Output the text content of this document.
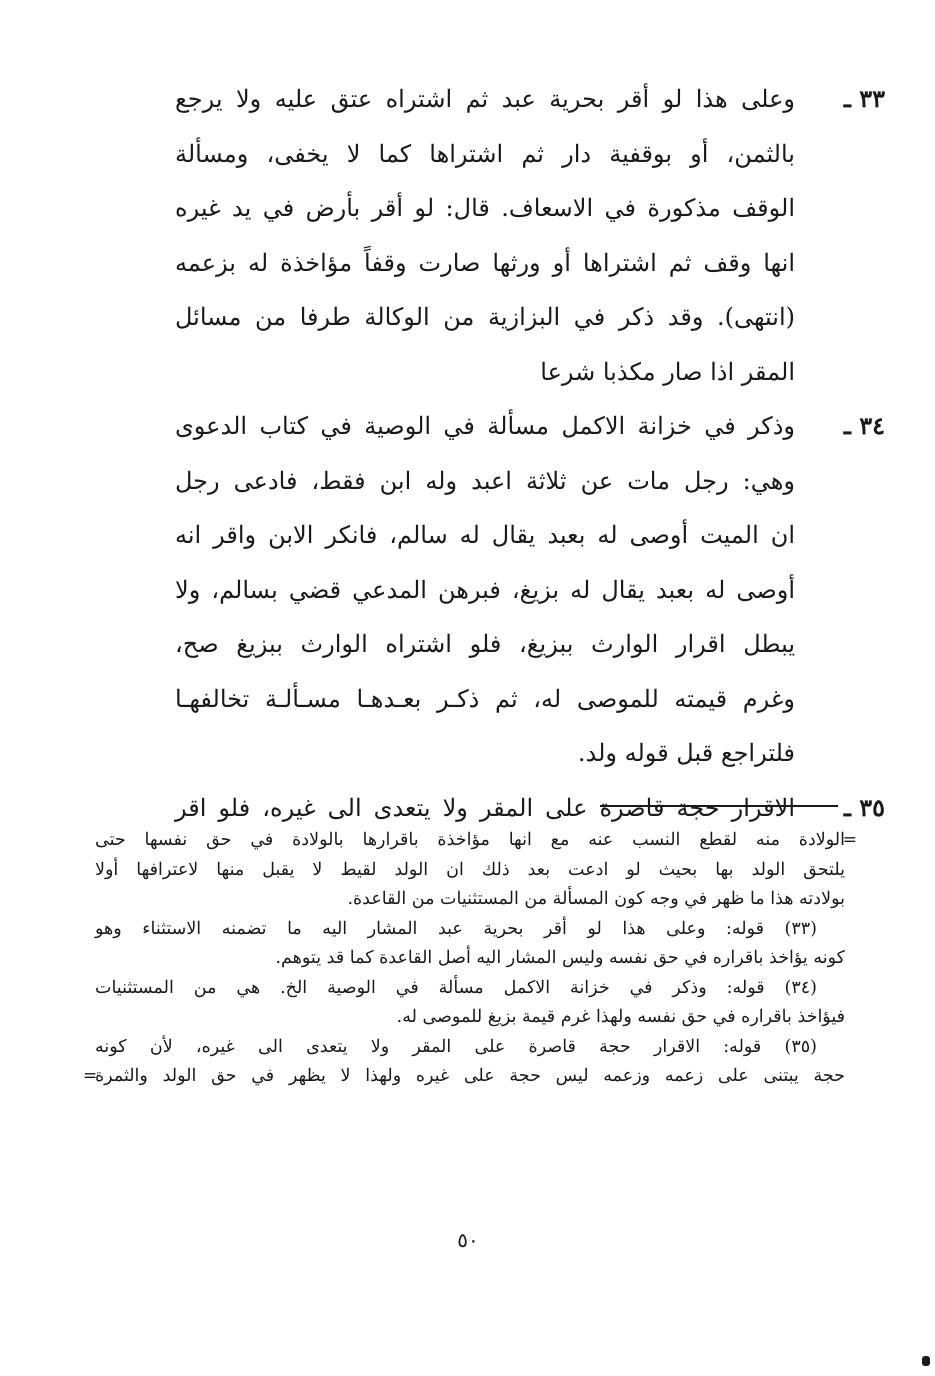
٣٣ ـ
وعلى هذا لو أقر بحرية عبد ثم اشتراه عتق عليه ولا يرجع
بالثمن، أو بوقفية دار ثم اشتراها كما لا يخفى، ومسألة
الوقف مذكورة في الاسعاف. قال: لو أقر بأرض في يد غيره
انها وقف ثم اشتراها أو ورثها صارت وقفاً مؤاخذة له بزعمه
(انتهى). وقد ذكر في البزازية من الوكالة طرفا من مسائل
المقر اذا صار مكذبا شرعا
٣٤ ـ
وذكر في خزانة الاكمل مسألة في الوصية في كتاب الدعوى
وهي: رجل مات عن ثلاثة اعبد وله ابن فقط، فادعى رجل
ان الميت أوصى له بعبد يقال له سالم، فانكر الابن واقر انه
أوصى له بعبد يقال له بزيغ، فبرهن المدعي قضي بسالم، ولا
يبطل اقرار الوارث ببزيغ، فلو اشتراه الوارث ببزيغ صح،
وغرم قيمته للموصى له، ثم ذكـر بعـدهـا مسـألـة تخالفهـا
فلتراجع قبل قوله ولد.
٣٥ ـ
الاقرار حجة قاصرة على المقر ولا يتعدى الى غيره، فلو اقر
=
الولادة منه لقطع النسب عنه مع انها مؤاخذة باقرارها بالولادة في حق نفسها حتى
يلتحق الولد بها بحيث لو ادعت بعد ذلك ان الولد لقيط لا يقبل منها لاعترافها أولا
بولادته هذا ما ظهر في وجه كون المسألة من المستثنيات من القاعدة.
(٣٣) قوله: وعلى هذا لو أقر بحرية عبد المشار اليه ما تضمنه الاستثناء وهو
كونه يؤاخذ باقراره في حق نفسه وليس المشار اليه أصل القاعدة كما قد يتوهم.
(٣٤) قوله: وذكر في خزانة الاكمل مسألة في الوصية الخ. هي من المستثنيات
فيؤاخذ باقراره في حق نفسه ولهذا غرم قيمة بزيغ للموصى له.
(٣٥) قوله: الاقرار حجة قاصرة على المقر ولا يتعدى الى غيره، لأن كونه
حجة يبتنى على زعمه وزعمه ليس حجة على غيره ولهذا لا يظهر في حق الولد والثمرة
=
٥٠
